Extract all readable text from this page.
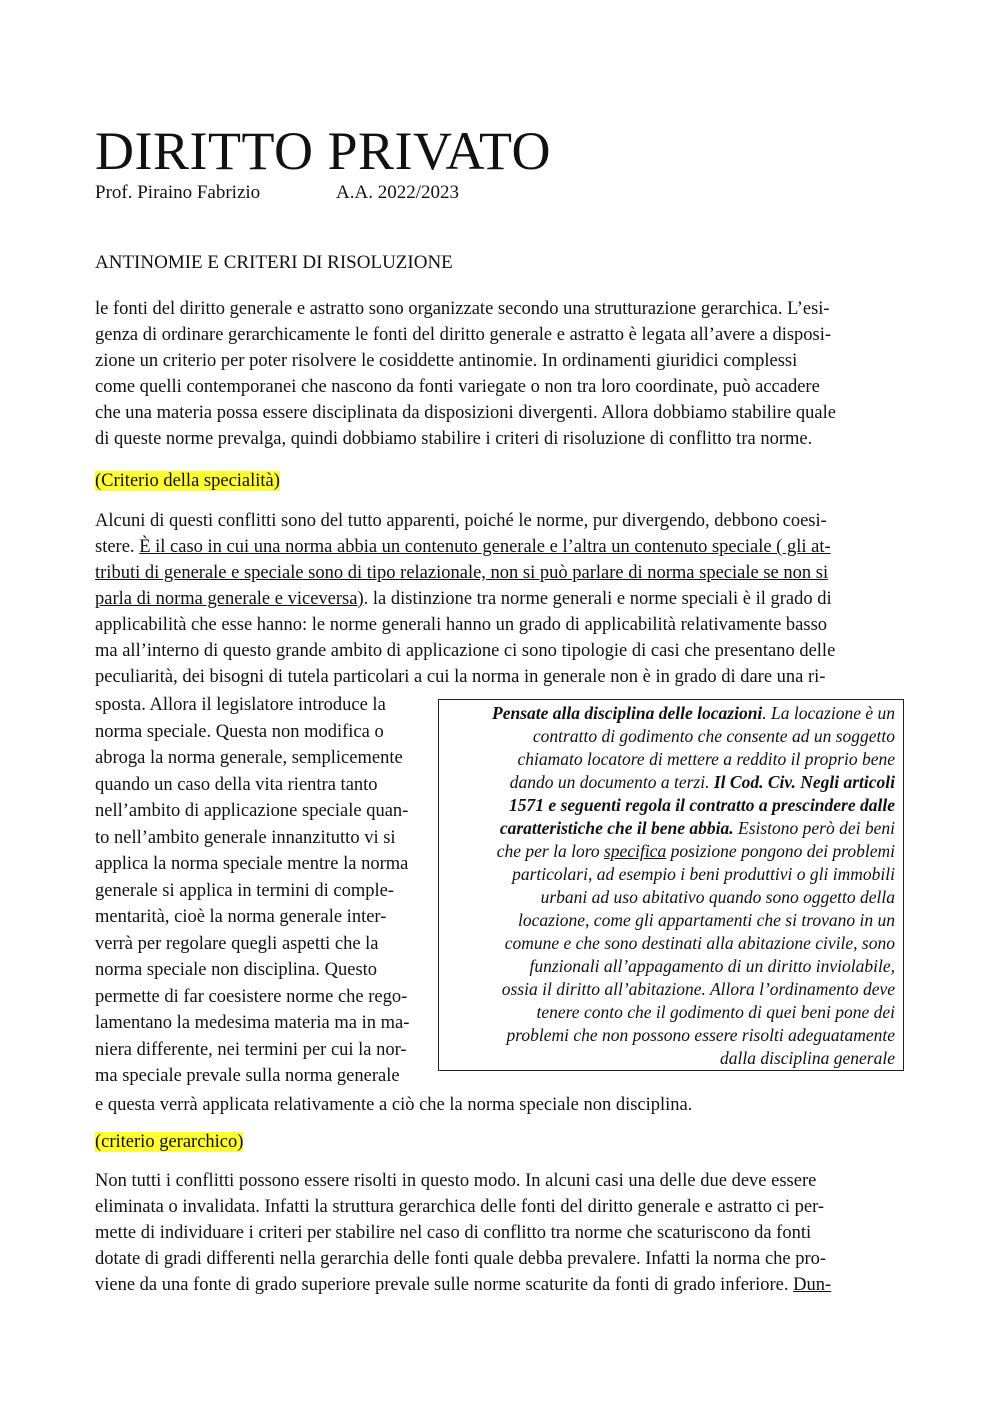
DIRITTO PRIVATO
Prof. Piraino Fabrizio	A.A. 2022/2023
ANTINOMIE E CRITERI DI RISOLUZIONE
le fonti del diritto generale e astratto sono organizzate secondo una strutturazione gerarchica. L’esi-
genza di ordinare gerarchicamente le fonti del diritto generale e astratto è legata all’avere a disposi-
zione un criterio per poter risolvere le cosiddette antinomie. In ordinamenti giuridici complessi
come quelli contemporanei che nascono da fonti variegate o non tra loro coordinate, può accadere
che una materia possa essere disciplinata da disposizioni divergenti. Allora dobbiamo stabilire quale
di queste norme prevalga, quindi dobbiamo stabilire i criteri di risoluzione di conflitto tra norme.
(Criterio della specialità)
Alcuni di questi conflitti sono del tutto apparenti, poiché le norme, pur divergendo, debbono coesi-
stere. È il caso in cui una norma abbia un contenuto generale e l’altra un contenuto speciale ( gli at-
tributi di generale e speciale sono di tipo relazionale, non si può parlare di norma speciale se non si
parla di norma generale e viceversa). la distinzione tra norme generali e norme speciali è il grado di
applicabilità che esse hanno: le norme generali hanno un grado di applicabilità relativamente basso
ma all’interno di questo grande ambito di applicazione ci sono tipologie di casi che presentano delle
peculiarità, dei bisogni di tutela particolari a cui la norma in generale non è in grado di dare una ri-
sposta. Allora il legislatore introduce la
norma speciale. Questa non modifica o
abroga la norma generale, semplicemente
quando un caso della vita rientra tanto
nell’ambito di applicazione speciale quan-
to nell’ambito generale innanzitutto vi si
applica la norma speciale mentre la norma
generale si applica in termini di comple-
mentarità, cioè la norma generale inter-
verrà per regolare quegli aspetti che la
norma speciale non disciplina. Questo
permette di far coesistere norme che rego-
lamentano la medesima materia ma in ma-
niera differente, nei termini per cui la nor-
ma speciale prevale sulla norma generale
Pensate alla disciplina delle locazioni. La locazione è un
contratto di godimento che consente ad un soggetto
chiamato locatore di mettere a reddito il proprio bene
dando un documento a terzi. Il Cod. Civ. Negli articoli
1571 e seguenti regola il contratto a prescindere dalle
caratteristiche che il bene abbia. Esistono però dei beni
che per la loro specifica posizione pongono dei problemi
particolari, ad esempio i beni produttivi o gli immobili
urbani ad uso abitativo quando sono oggetto della
locazione, come gli appartamenti che si trovano in un
comune e che sono destinati alla abitazione civile, sono
funzionali all’appagamento di un diritto inviolabile,
ossia il diritto all’abitazione. Allora l’ordinamento deve
tenere conto che il godimento di quei beni pone dei
problemi che non possono essere risolti adeguatamente
dalla disciplina generale
e questa verrà applicata relativamente a ciò che la norma speciale non disciplina.
(criterio gerarchico)
Non tutti i conflitti possono essere risolti in questo modo. In alcuni casi una delle due deve essere
eliminata o invalidata. Infatti la struttura gerarchica delle fonti del diritto generale e astratto ci per-
mette di individuare i criteri per stabilire nel caso di conflitto tra norme che scaturiscono da fonti
dotate di gradi differenti nella gerarchia delle fonti quale debba prevalere. Infatti la norma che pro-
viene da una fonte di grado superiore prevale sulle norme scaturite da fonti di grado inferiore. Dun-
